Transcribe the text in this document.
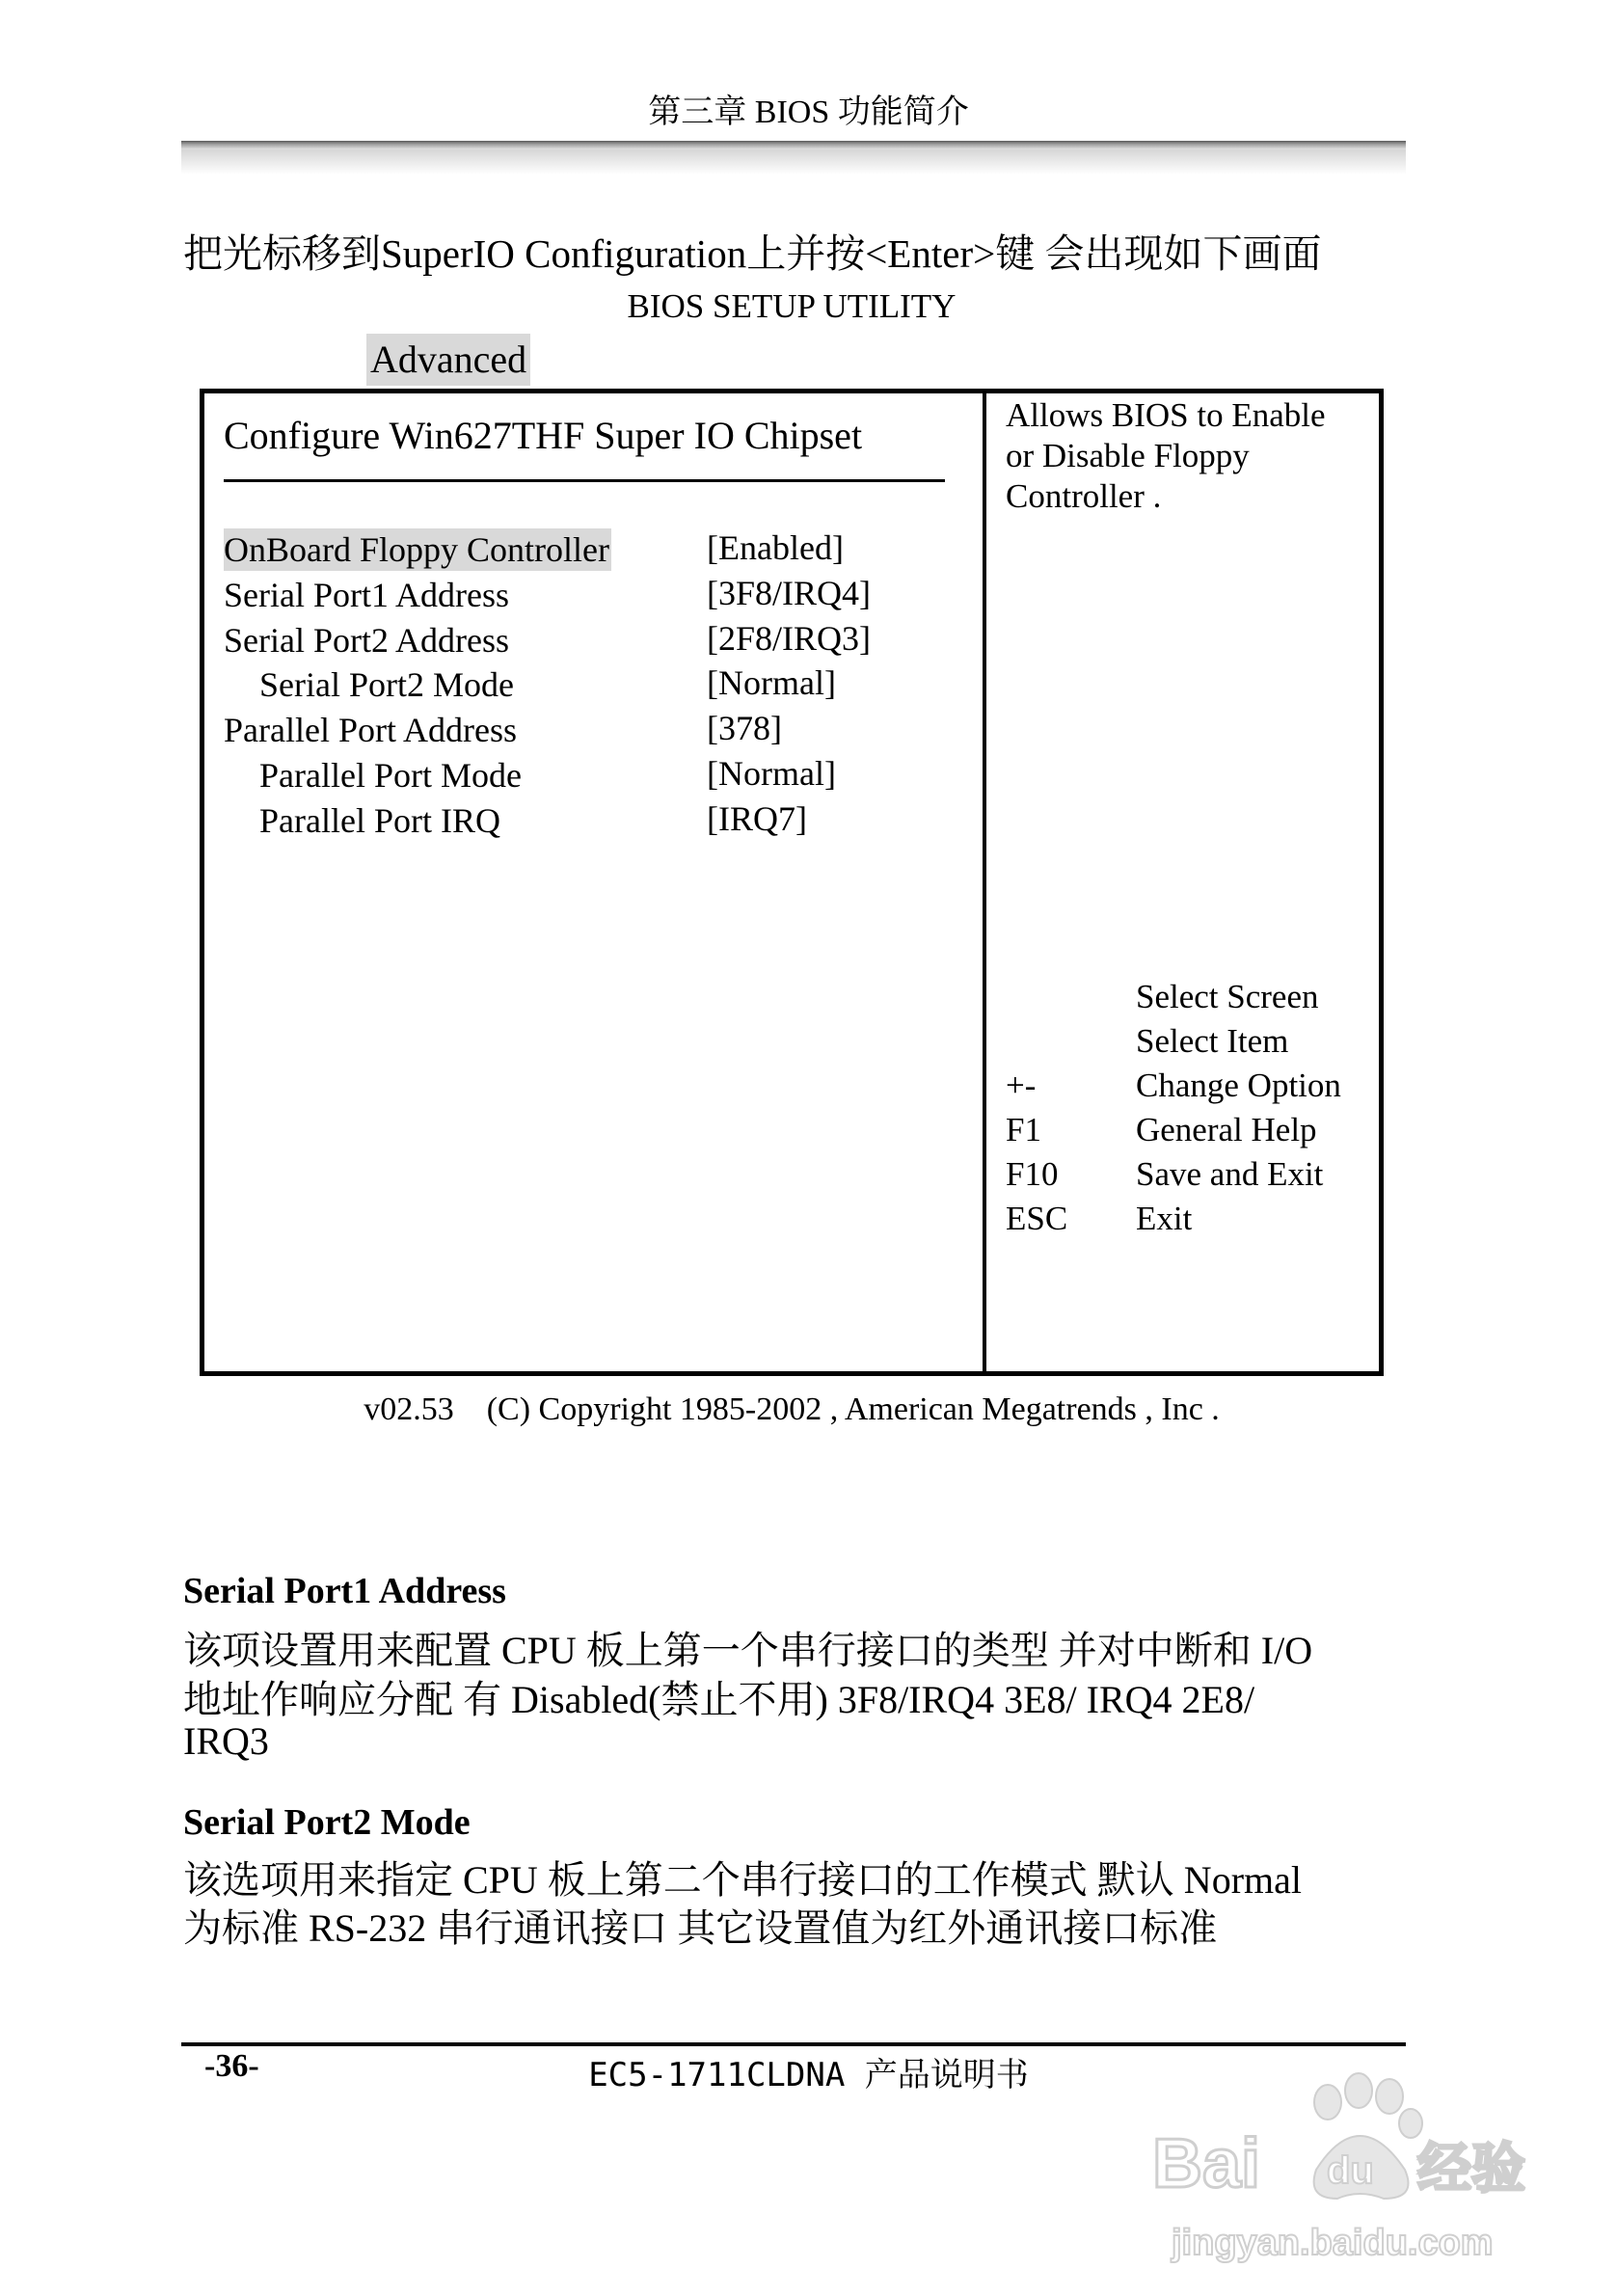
第三章 BIOS 功能简介
把光标移到SuperIO Configuration上并按<Enter>键 会出现如下画面
BIOS SETUP UTILITY
Advanced
Configure Win627THF Super IO Chipset
OnBoard Floppy Controller	[Enabled]
Serial Port1 Address	[3F8/IRQ4]
Serial Port2 Address	[2F8/IRQ3]
Serial Port2 Mode	[Normal]
Parallel Port Address	[378]
Parallel Port Mode	[Normal]
Parallel Port IRQ	[IRQ7]
Allows BIOS to Enable or Disable Floppy Controller .
Select Screen
Select Item
+-	Change Option
F1	General Help
F10 Save and Exit
ESC Exit
v02.53 (C) Copyright 1985-2002 , American Megatrends , Inc .
Serial Port1 Address
该项设置用来配置 CPU 板上第一个串行接口的类型 并对中断和 I/O
地址作响应分配 有 Disabled(禁止不用) 3F8/IRQ4 3E8/ IRQ4 2E8/
IRQ3
Serial Port2 Mode
该选项用来指定 CPU 板上第二个串行接口的工作模式 默认 Normal
为标准 RS-232 串行通讯接口 其它设置值为红外通讯接口标准
-36-	EC5-1711CLDNA 产品说明书
Bai du 经验
jingyan.baidu.com
